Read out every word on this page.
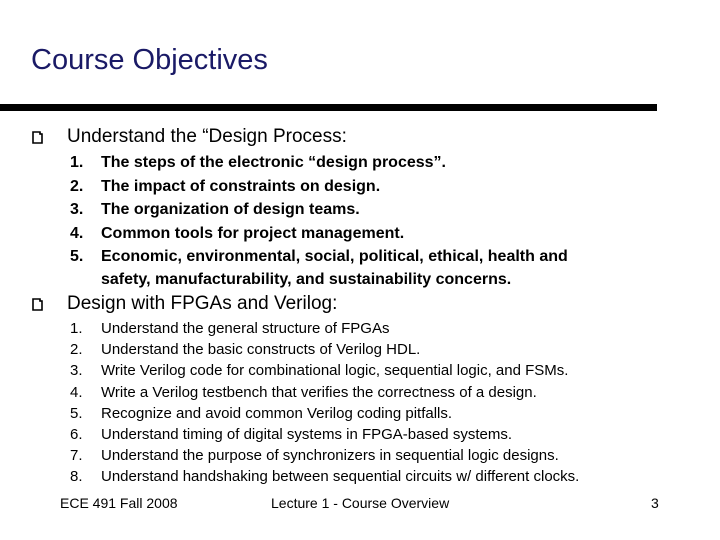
Course Objectives
Understand the “Design Process:
1. The steps of the electronic “design process”.
2. The impact of constraints on design.
3. The organization of design teams.
4. Common tools for project management.
5. Economic, environmental, social, political, ethical, health and
safety, manufacturability, and sustainability concerns.
Design with FPGAs and Verilog:
1. Understand the general structure of FPGAs
2. Understand the basic constructs of Verilog HDL.
3. Write Verilog code for combinational logic, sequential logic, and FSMs.
4. Write a Verilog testbench that verifies the correctness of a design.
5. Recognize and avoid common Verilog coding pitfalls.
6. Understand timing of digital systems in FPGA-based systems.
7. Understand the purpose of synchronizers in sequential logic designs.
8. Understand handshaking between sequential circuits w/ different clocks.
ECE 491 Fall 2008	Lecture 1 - Course Overview	3
